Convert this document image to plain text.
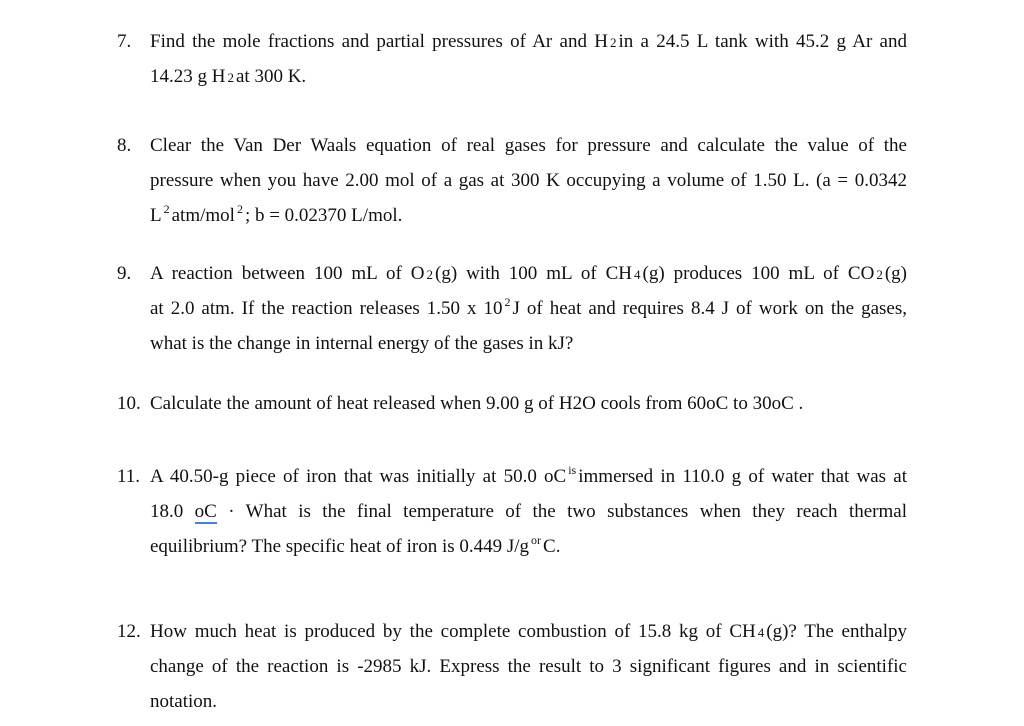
7. Find the mole fractions and partial pressures of Ar and H 2 in a 24.5 L tank with 45.2 g Ar and
14.23 g H 2 at 300 K.
8. Clear the Van Der Waals equation of real gases for pressure and calculate the value of the
pressure when you have 2.00 mol of a gas at 300 K occupying a volume of 1.50 L. (a = 0.0342
L $^2$ atm/mol $^2$ ; b = 0.02370 L/mol.
9. A reaction between 100 mL of O 2 (g) with 100 mL of CH 4 (g) produces 100 mL of CO 2 (g)
at 2.0 atm. If the reaction releases 1.50 x 10 $^2$ J of heat and requires 8.4 J of work on the gases,
what is the change in internal energy of the gases in kJ?
10. Calculate the amount of heat released when 9.00 g of H2O cools from 60oC to 30oC .
11. A 40.50-g piece of iron that was initially at 50.0 oC $^{is}$ immersed in 110.0 g of water that was at
18.0 oC · What is the final temperature of the two substances when they reach thermal
equilibrium? The specific heat of iron is 0.449 J/g $^{or}$ C.
12. How much heat is produced by the complete combustion of 15.8 kg of CH 4 (g)? The enthalpy
change of the reaction is -2985 kJ. Express the result to 3 significant figures and in scientific
notation.
